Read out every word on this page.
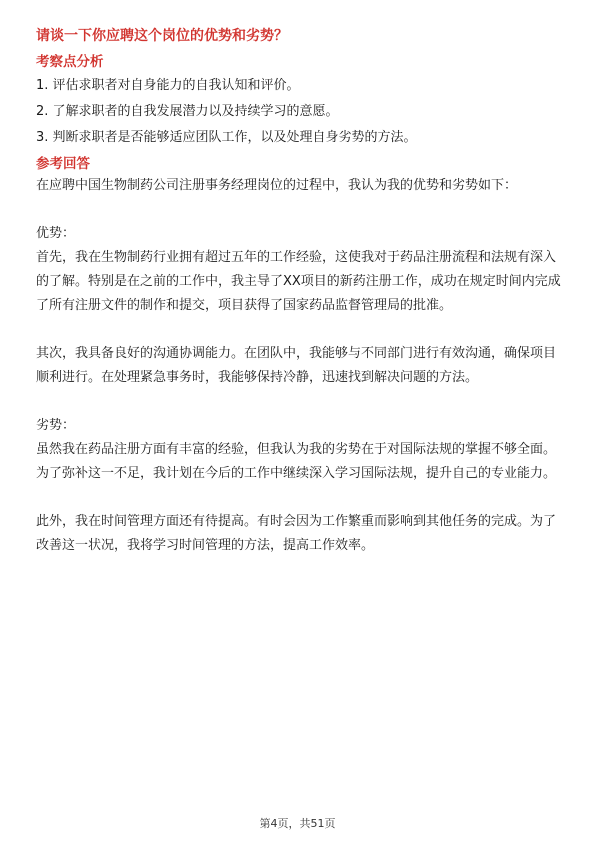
请谈一下你应聘这个岗位的优势和劣势？
考察点分析
1. 评估求职者对自身能力的自我认知和评价。
2. 了解求职者的自我发展潜力以及持续学习的意愿。
3. 判断求职者是否能够适应团队工作，以及处理自身劣势的方法。
参考回答

在应聘中国生物制药公司注册事务经理岗位的过程中，我认为我的优势和劣势如下：

优势：

首先，我在生物制药行业拥有超过五年的工作经验，这使我对于药品注册流程和法规有深入的了解。特别是在之前的工作中，我主导了XX项目的新药注册工作，成功在规定时间内完成了所有注册文件的制作和提交，项目获得了国家药品监督管理局的批准。

其次，我具备良好的沟通协调能力。在团队中，我能够与不同部门进行有效沟通，确保项目顺利进行。在处理紧急事务时，我能够保持冷静，迅速找到解决问题的方法。

劣势：

虽然我在药品注册方面有丰富的经验，但我认为我的劣势在于对国际法规的掌握不够全面。为了弥补这一不足，我计划在今后的工作中继续深入学习国际法规，提升自己的专业能力。

此外，我在时间管理方面还有待提高。有时会因为工作繁重而影响到其他任务的完成。为了改善这一状况，我将学习时间管理的方法，提高工作效率。

第4页，共51页
